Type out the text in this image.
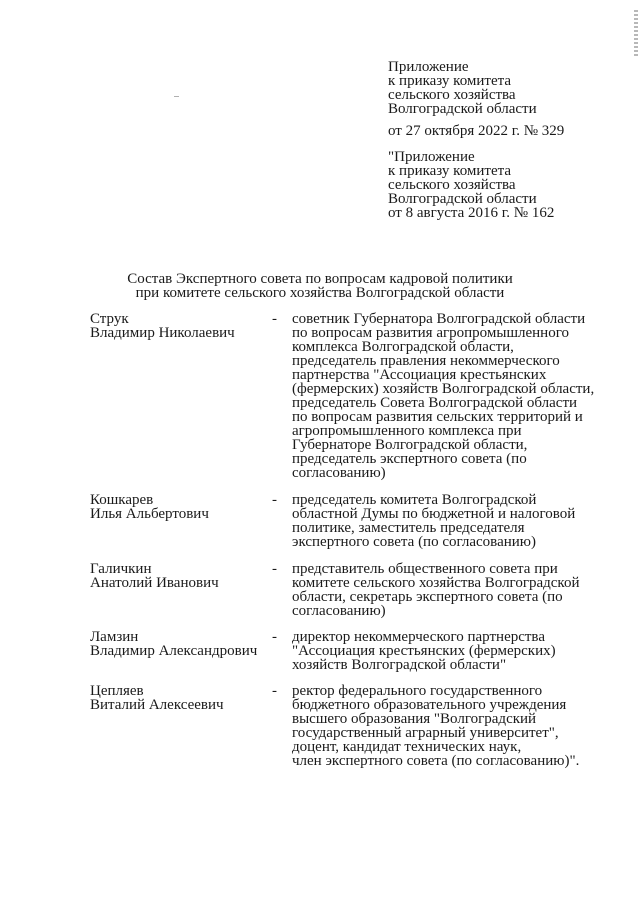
Приложение
к приказу комитета
сельского хозяйства
Волгоградской области
от 27 октября 2022 г. № 329
"Приложение
к приказу комитета
сельского хозяйства
Волгоградской области
от 8 августа 2016 г. № 162
Состав Экспертного совета по вопросам кадровой политики
при комитете сельского хозяйства Волгоградской области
Струк
Владимир Николаевич
- советник Губернатора Волгоградской области
по вопросам развития агропромышленного
комплекса Волгоградской области,
председатель правления некоммерческого
партнерства "Ассоциация крестьянских
(фермерских) хозяйств Волгоградской области,
председатель Совета Волгоградской области
по вопросам развития сельских территорий и
агропромышленного комплекса при
Губернаторе Волгоградской области,
председатель экспертного совета (по
согласованию)
Кошкарев
Илья Альбертович
- председатель комитета Волгоградской
областной Думы по бюджетной и налоговой
политике, заместитель председателя
экспертного совета (по согласованию)
Галичкин
Анатолий Иванович
- представитель общественного совета при
комитете сельского хозяйства Волгоградской
области, секретарь экспертного совета (по
согласованию)
Ламзин
Владимир Александрович
- директор некоммерческого партнерства
"Ассоциация крестьянских (фермерских)
хозяйств Волгоградской области"
Цепляев
Виталий Алексеевич
- ректор федерального государственного
бюджетного образовательного учреждения
высшего образования "Волгоградский
государственный аграрный университет",
доцент, кандидат технических наук,
член экспертного совета (по согласованию)".
